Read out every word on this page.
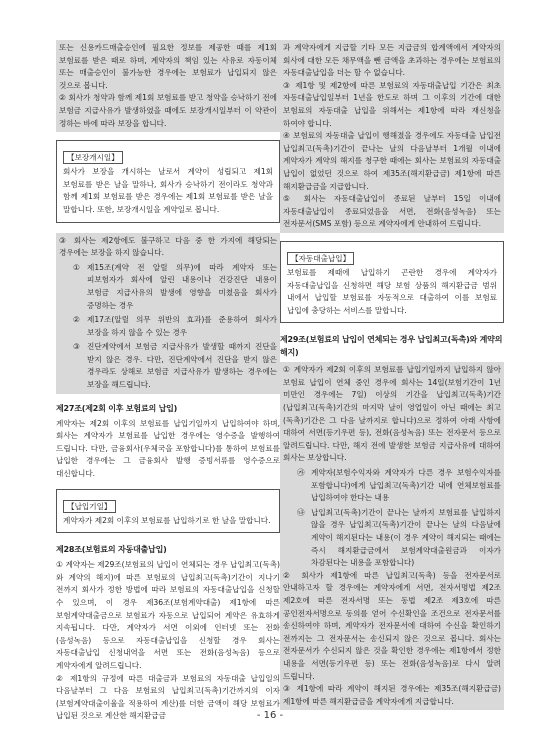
또는 신용카드매출승인에 필요한 정보를 제공한 때를 제1회 보험료를 받은 때로 하며, 계약자의 책임 있는 사유로 자동이체 또는 매출승인이 불가능한 경우에는 보험료가 납입되지 않은 것으로 봅니다.

② 회사가 청약과 함께 제1회 보험료를 받고 청약을 승낙하기 전에 보험금 지급사유가 발생하였을 때에도 보장개시일부터 이 약관이 정하는 바에 따라 보장을 합니다.

【보장개시일】

회사가 보장을 개시하는 날로서 계약이 성립되고 제1회 보험료를 받은 날을 말하나, 회사가 승낙하기 전이라도 청약과 함께 제1회 보험료를 받은 경우에는 제1회 보험료를 받은 날을 말합니다. 또한, 보장개시일을 계약일로 봅니다.

③ 회사는 제2항에도 불구하고 다음 중 한 가지에 해당되는 경우에는 보장을 하지 않습니다.

① 제15조(계약 전 알릴 의무)에 따라 계약자 또는 피보험자가 회사에 알린 내용이나 건강진단 내용이 보험금 지급사유의 발생에 영향을 미쳤음을 회사가 증명하는 경우
② 제17조(알릴 의무 위반의 효과)를 준용하여 회사가 보장을 하지 않을 수 있는 경우
③ 진단계약에서 보험금 지급사유가 발생할 때까지 진단을 받지 않은 경우. 다만, 진단계약에서 진단을 받지 않은 경우라도 상해로 보험금 지급사유가 발생하는 경우에는 보장을 해드립니다.
제27조(제2회 이후 보험료의 납입)

계약자는 제2회 이후의 보험료를 납입기일까지 납입하여야 하며, 회사는 계약자가 보험료를 납입한 경우에는 영수증을 발행하여 드립니다. 다만, 금융회사(우체국을 포함합니다)를 통하여 보험료를 납입한 경우에는 그 금융회사 발행 증빙서류를 영수증으로 대신합니다.

【납입기일】

계약자가 제2회 이후의 보험료를 납입하기로 한 날을 말합니다.

제28조(보험료의 자동대출납입)

① 계약자는 제29조(보험료의 납입이 연체되는 경우 납입최고(독촉)와 계약의 해지)에 따른 보험료의 납입최고(독촉)기간이 지나기 전까지 회사가 정한 방법에 따라 보험료의 자동대출납입을 신청할 수 있으며, 이 경우 제36조(보험계약대출) 제1항에 따른 보험계약대출금으로 보험료가 자동으로 납입되어 계약은 유효하게 지속됩니다. 다만, 계약자가 서면 이외에 인터넷 또는 전화(음성녹음) 등으로 자동대출납입을 신청할 경우 회사는 자동대출납입 신청내역을 서면 또는 전화(음성녹음) 등으로 계약자에게 알려드립니다.

② 제1항의 규정에 따른 대출금과 보험료의 자동대출 납입일의 다음날부터 그 다음 보험료의 납입최고(독촉)기간까지의 이자(보험계약대출이율을 적용하여 계산)를 더한 금액이 해당 보험료가 납입된 것으로 계산한 해지환급금

과 계약자에게 지급할 기타 모든 지급금의 합계액에서 계약자의 회사에 대한 모든 채무액을 뺀 금액을 초과하는 경우에는 보험료의 자동대출납입을 더는 할 수 없습니다.

③ 제1항 및 제2항에 따른 보험료의 자동대출납입 기간은 최초 자동대출납입일부터 1년을 한도로 하며 그 이후의 기간에 대한 보험료의 자동대출 납입을 위해서는 제1항에 따라 재신청을 하여야 합니다.

④ 보험료의 자동대출 납입이 행해졌을 경우에도 자동대출 납입전 납입최고(독촉)기간이 끝나는 날의 다음날부터 1개월 이내에 계약자가 계약의 해지를 청구한 때에는 회사는 보험료의 자동대출 납입이 없었던 것으로 하여 제35조(해지환급금) 제1항에 따른 해지환급금을 지급합니다.

⑤ 회사는 자동대출납입이 종료된 날부터 15일 이내에 자동대출납입이 종료되었음을 서면, 전화(음성녹음) 또는 전자문서(SMS 포함) 등으로 계약자에게 안내하여 드립니다.

【자동대출납입】

보험료를 제때에 납입하기 곤란한 경우에 계약자가 자동대출납입을 신청하면 해당 보험 상품의 해지환급금 범위 내에서 납입할 보험료를 자동적으로 대출하여 이를 보험료 납입에 충당하는 서비스를 말합니다.

제29조(보험료의 납입이 연체되는 경우 납입최고(독촉)와 계약의 해지)

① 계약자가 제2회 이후의 보험료를 납입기일까지 납입하지 않아 보험료 납입이 연체 중인 경우에 회사는 14일(보험기간이 1년 미만인 경우에는 7일) 이상의 기간을 납입최고(독촉)기간(납입최고(독촉)기간의 마지막 날이 영업일이 아닌 때에는 최고(독촉)기간은 그 다음 날까지로 합니다)으로 정하여 아래 사항에 대하여 서면(등기우편 등), 전화(음성녹음) 또는 전자문서 등으로 알려드립니다. 다만, 해지 전에 발생한 보험금 지급사유에 대하여 회사는 보상합니다.

㉮ 계약자(보험수익자와 계약자가 다른 경우 보험수익자를 포함합니다)에게 납입최고(독촉)기간 내에 연체보험료를 납입하여야 한다는 내용
㉯ 납입최고(독촉)기간이 끝나는 날까지 보험료를 납입하지 않을 경우 납입최고(독촉)기간이 끝나는 날의 다음날에 계약이 해지된다는 내용(이 경우 계약이 해지되는 때에는 즉시 해지환급금에서 보험계약대출원금과 이자가 차감된다는 내용을 포함합니다)

② 회사가 제1항에 따른 납입최고(독촉) 등을 전자문서로 안내하고자 할 경우에는 계약자에게 서면, 전자서명법 제2조 제2호에 따른 전자서명 또는 동법 제2조 제3호에 따른 공인전자서명으로 동의를 얻어 수신확인을 조건으로 전자문서를 송신하여야 하며, 계약자가 전자문서에 대하여 수신을 확인하기 전까지는 그 전자문서는 송신되지 않은 것으로 봅니다. 회사는 전자문서가 수신되지 않은 것을 확인한 경우에는 제1항에서 정한 내용을 서면(등기우편 등) 또는 전화(음성녹음)로 다시 알려 드립니다.

③ 제1항에 따라 계약이 해지된 경우에는 제35조(해지환급금) 제1항에 따른 해지환급금을 계약자에게 지급합니다.

- 16 -
